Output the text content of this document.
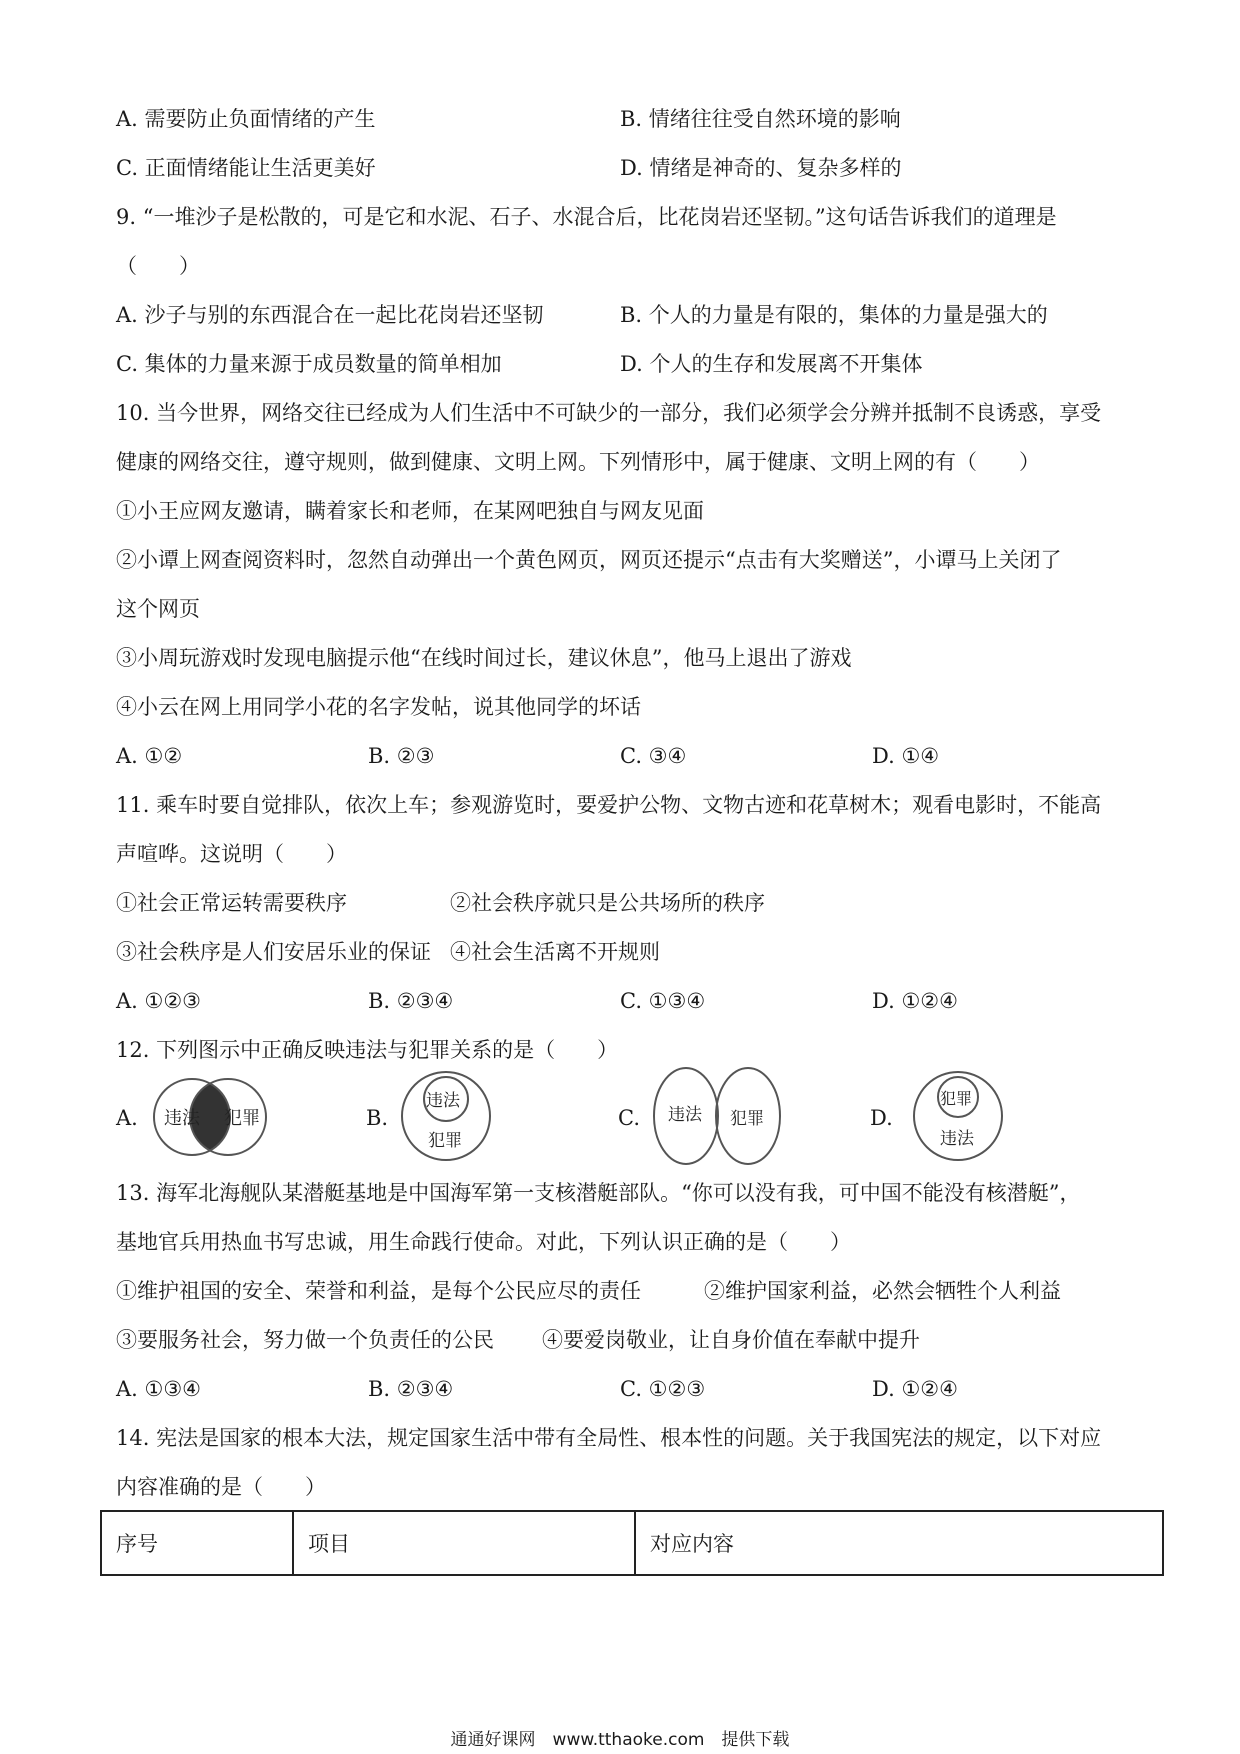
A. 需要防止负面情绪的产生	B. 情绪往往受自然环境的影响
C. 正面情绪能让生活更美好	D. 情绪是神奇的、复杂多样的
9. “一堆沙子是松散的，可是它和水泥、石子、水混合后，比花岗岩还坚韧。”这句话告诉我们的道理是
（　　）
A. 沙子与别的东西混合在一起比花岗岩还坚韧	B. 个人的力量是有限的，集体的力量是强大的
C. 集体的力量来源于成员数量的简单相加	D. 个人的生存和发展离不开集体
10. 当今世界，网络交往已经成为人们生活中不可缺少的一部分，我们必须学会分辨并抵制不良诱惑，享受
健康的网络交往，遵守规则，做到健康、文明上网。下列情形中，属于健康、文明上网的有（　　）
①小王应网友邀请，瞒着家长和老师，在某网吧独自与网友见面
②小谭上网查阅资料时，忽然自动弹出一个黄色网页，网页还提示“点击有大奖赠送”，小谭马上关闭了
这个网页
③小周玩游戏时发现电脑提示他“在线时间过长，建议休息”，他马上退出了游戏
④小云在网上用同学小花的名字发帖，说其他同学的坏话
A. ①②	B. ②③	C. ③④	D. ①④
11. 乘车时要自觉排队，依次上车；参观游览时，要爱护公物、文物古迹和花草树木；观看电影时，不能高
声喧哗。这说明（　　）
①社会正常运转需要秩序	②社会秩序就只是公共场所的秩序
③社会秩序是人们安居乐业的保证 ④社会生活离不开规则
A. ①②③	B. ②③④	C. ①③④	D. ①②④
12. 下列图示中正确反映违法与犯罪关系的是（　　）
A. 违法 犯罪	B.
违法
犯罪
C. 违法 犯罪	D.
犯罪
违法
13. 海军北海舰队某潜艇基地是中国海军第一支核潜艇部队。“你可以没有我，可中国不能没有核潜艇”，
基地官兵用热血书写忠诚，用生命践行使命。对此，下列认识正确的是（　　）
①维护祖国的安全、荣誉和利益，是每个公民应尽的责任	②维护国家利益，必然会牺牲个人利益
③要服务社会，努力做一个负责任的公民 ④要爱岗敬业，让自身价值在奉献中提升
A. ①③④	B. ②③④	C. ①②③	D. ①②④
14. 宪法是国家的根本大法，规定国家生活中带有全局性、根本性的问题。关于我国宪法的规定，以下对应
内容准确的是（　　）
序号	项目	对应内容
通通好课网　www.tthaoke.com　提供下载
